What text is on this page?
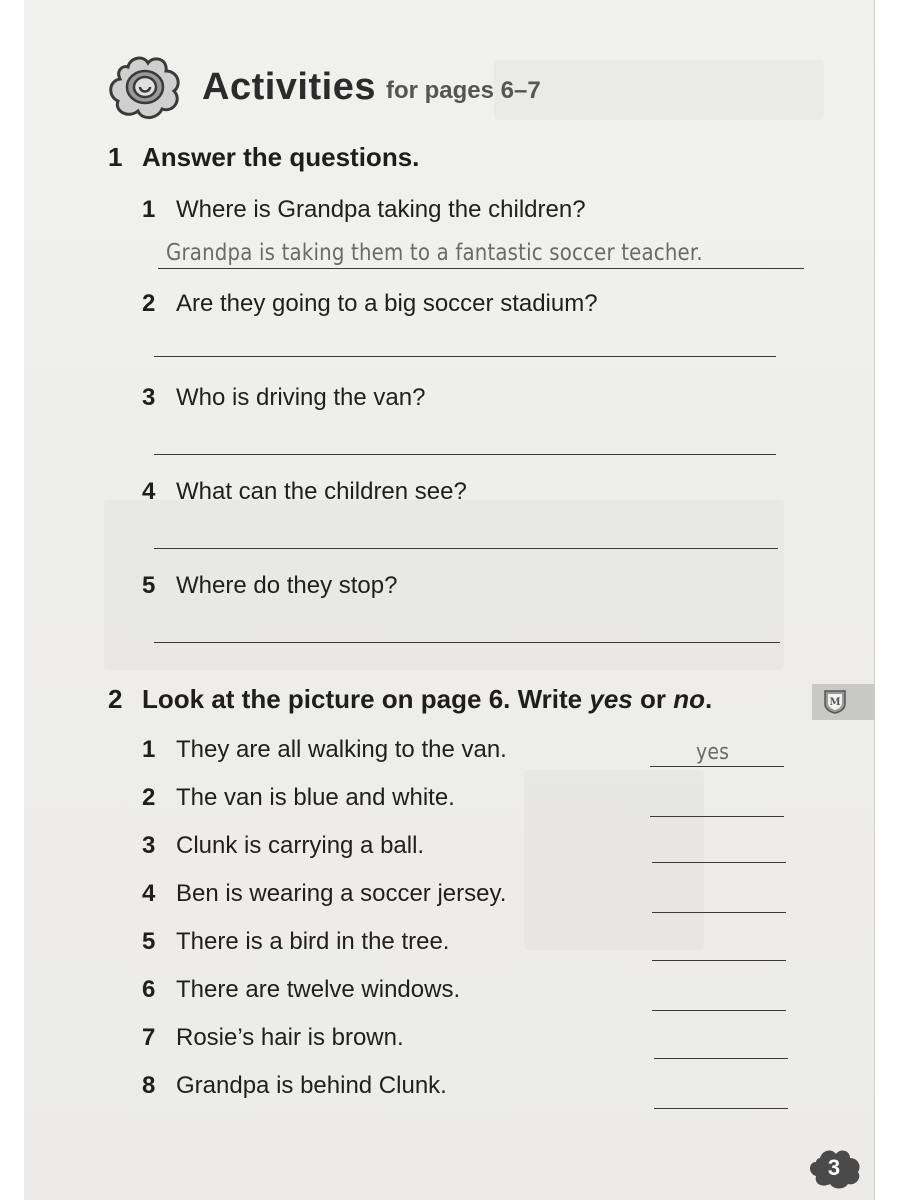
Activities for pages 6–7
1 Answer the questions.
1 Where is Grandpa taking the children?
Grandpa is taking them to a fantastic soccer teacher.
2 Are they going to a big soccer stadium?
3 Who is driving the van?
4 What can the children see?
5 Where do they stop?
2 Look at the picture on page 6. Write yes or no.
1 They are all walking to the van.	yes
2 The van is blue and white.
3 Clunk is carrying a ball.
4 Ben is wearing a soccer jersey.
5 There is a bird in the tree.
6 There are twelve windows.
7 Rosie’s hair is brown.
8 Grandpa is behind Clunk.
M
3
